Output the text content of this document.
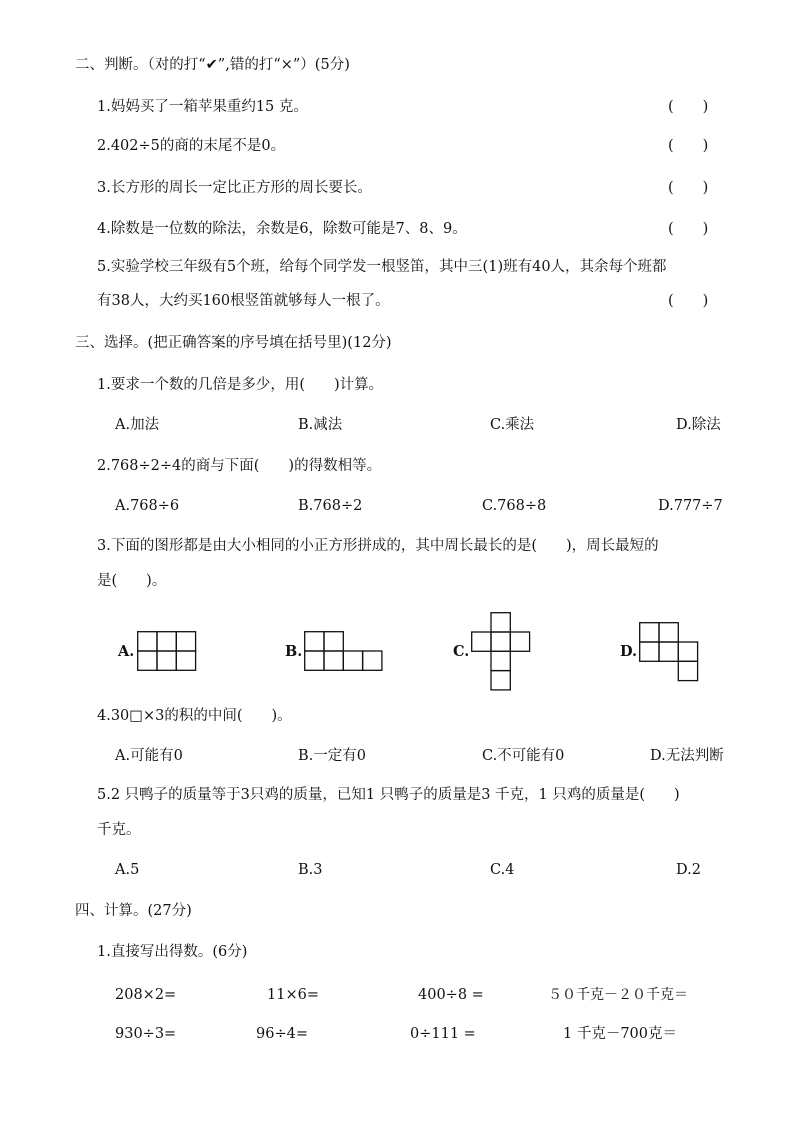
二、判断。（对的打“✔”,错的打“×”）(5分)
1.妈妈买了一箱苹果重约15 克。	(　　)
2.402÷5的商的末尾不是0。	(　　)
3.长方形的周长一定比正方形的周长要长。	(　　)
4.除数是一位数的除法，余数是6，除数可能是7、8、9。	(　　)
5.实验学校三年级有5个班，给每个同学发一根竖笛，其中三(1)班有40人，其余每个班都
有38人，大约买160根竖笛就够每人一根了。	(　　)
三、选择。(把正确答案的序号填在括号里)(12分)
1.要求一个数的几倍是多少，用(　　)计算。
A.加法	B.减法	C.乘法	D.除法
2.768÷2÷4的商与下面(　　)的得数相等。
A.768÷6	B.768÷2	C.768÷8	D.777÷7
3.下面的图形都是由大小相同的小正方形拼成的，其中周长最长的是(　　)，周长最短的
是(　　)。
A.	B.	C.	D.
4.30□×3的积的中间(　　)。
A.可能有0	B.一定有0	C.不可能有0	D.无法判断
5.2 只鸭子的质量等于3只鸡的质量，已知1 只鸭子的质量是3 千克，1 只鸡的质量是(　　)
千克。
A.5	B.3	C.4	D.2
四、计算。(27分)
1.直接写出得数。(6分)
208×2=	11×6=	400÷8 =	５０千克－２０千克＝
930÷3=	96÷4=	0÷111 =	1 千克－700克＝
